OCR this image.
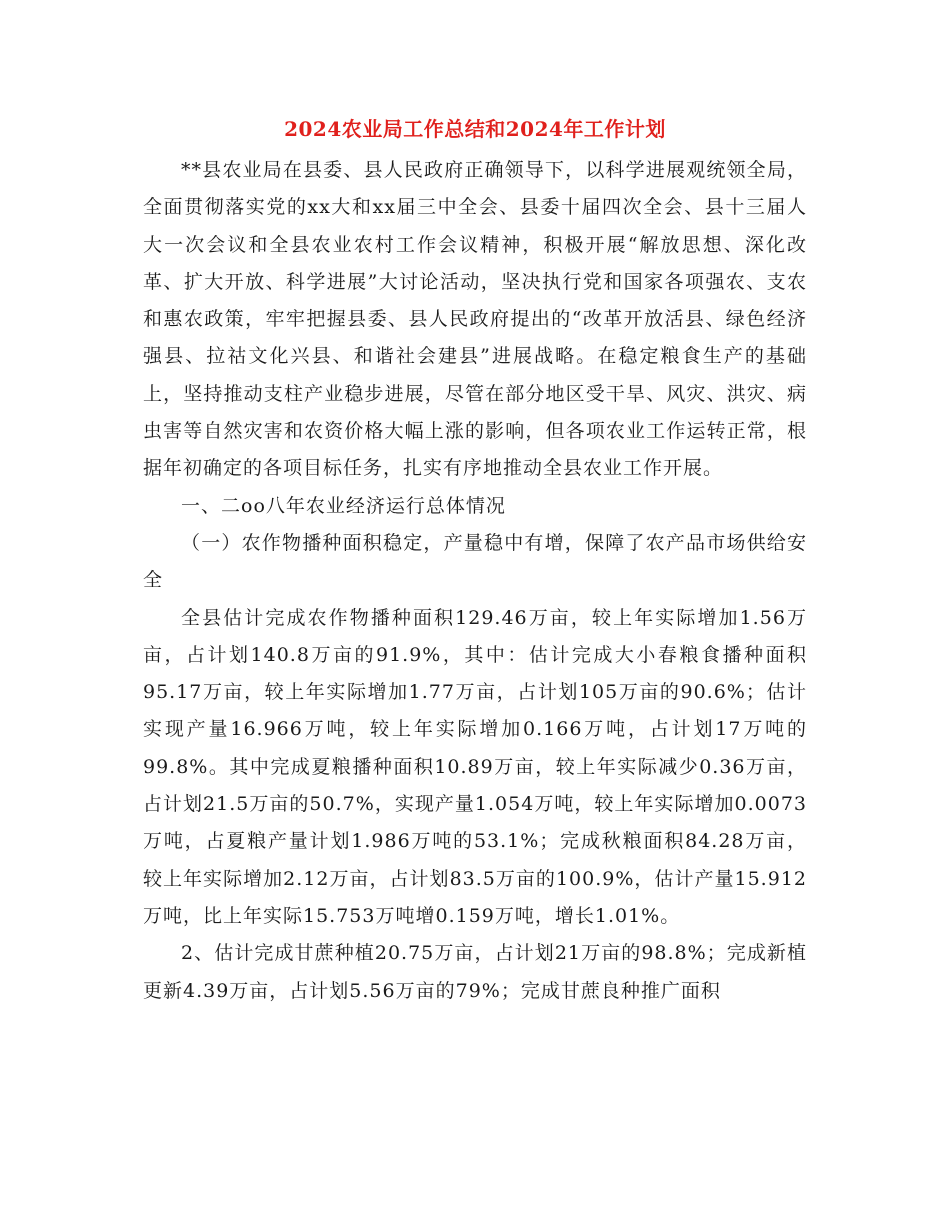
2024农业局工作总结和2024年工作计划

**县农业局在县委、县人民政府正确领导下，以科学进展观统领全局，全面贯彻落实党的xx大和xx届三中全会、县委十届四次全会、县十三届人大一次会议和全县农业农村工作会议精神，积极开展“解放思想、深化改革、扩大开放、科学进展”大讨论活动，坚决执行党和国家各项强农、支农和惠农政策，牢牢把握县委、县人民政府提出的“改革开放活县、绿色经济强县、拉祜文化兴县、和谐社会建县”进展战略。在稳定粮食生产的基础上，坚持推动支柱产业稳步进展，尽管在部分地区受干旱、风灾、洪灾、病虫害等自然灾害和农资价格大幅上涨的影响，但各项农业工作运转正常，根据年初确定的各项目标任务，扎实有序地推动全县农业工作开展。

一、二oo八年农业经济运行总体情况

（一）农作物播种面积稳定，产量稳中有增，保障了农产品市场供给安全

全县估计完成农作物播种面积129.46万亩，较上年实际增加1.56万亩，占计划140.8万亩的91.9%，其中：估计完成大小春粮食播种面积95.17万亩，较上年实际增加1.77万亩，占计划105万亩的90.6%；估计实现产量16.966万吨，较上年实际增加0.166万吨，占计划17万吨的99.8%。其中完成夏粮播种面积10.89万亩，较上年实际减少0.36万亩，占计划21.5万亩的50.7%，实现产量1.054万吨，较上年实际增加0.0073万吨，占夏粮产量计划1.986万吨的53.1%；完成秋粮面积84.28万亩，较上年实际增加2.12万亩，占计划83.5万亩的100.9%，估计产量15.912万吨，比上年实际15.753万吨增0.159万吨，增长1.01%。

2、估计完成甘蔗种植20.75万亩，占计划21万亩的98.8%；完成新植更新4.39万亩，占计划5.56万亩的79%；完成甘蔗良种推广面积
